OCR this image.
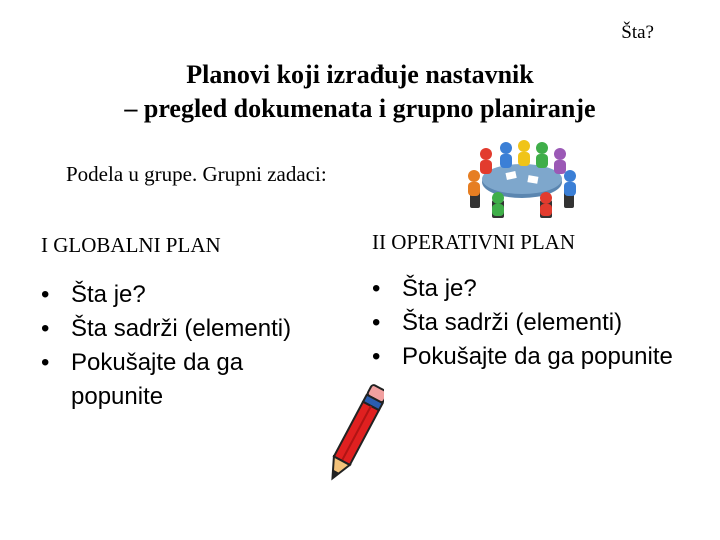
Šta?
Planovi koji izrađuje nastavnik
– pregled dokumenata i grupno planiranje
Podela u grupe. Grupni zadaci:
I GLOBALNI PLAN	II OPERATIVNI PLAN
• Šta je?
• Šta sadrži (elementi)
• Pokušajte da ga popunite
• Šta je?
• Šta sadrži (elementi)
• Pokušajte da ga popunite
